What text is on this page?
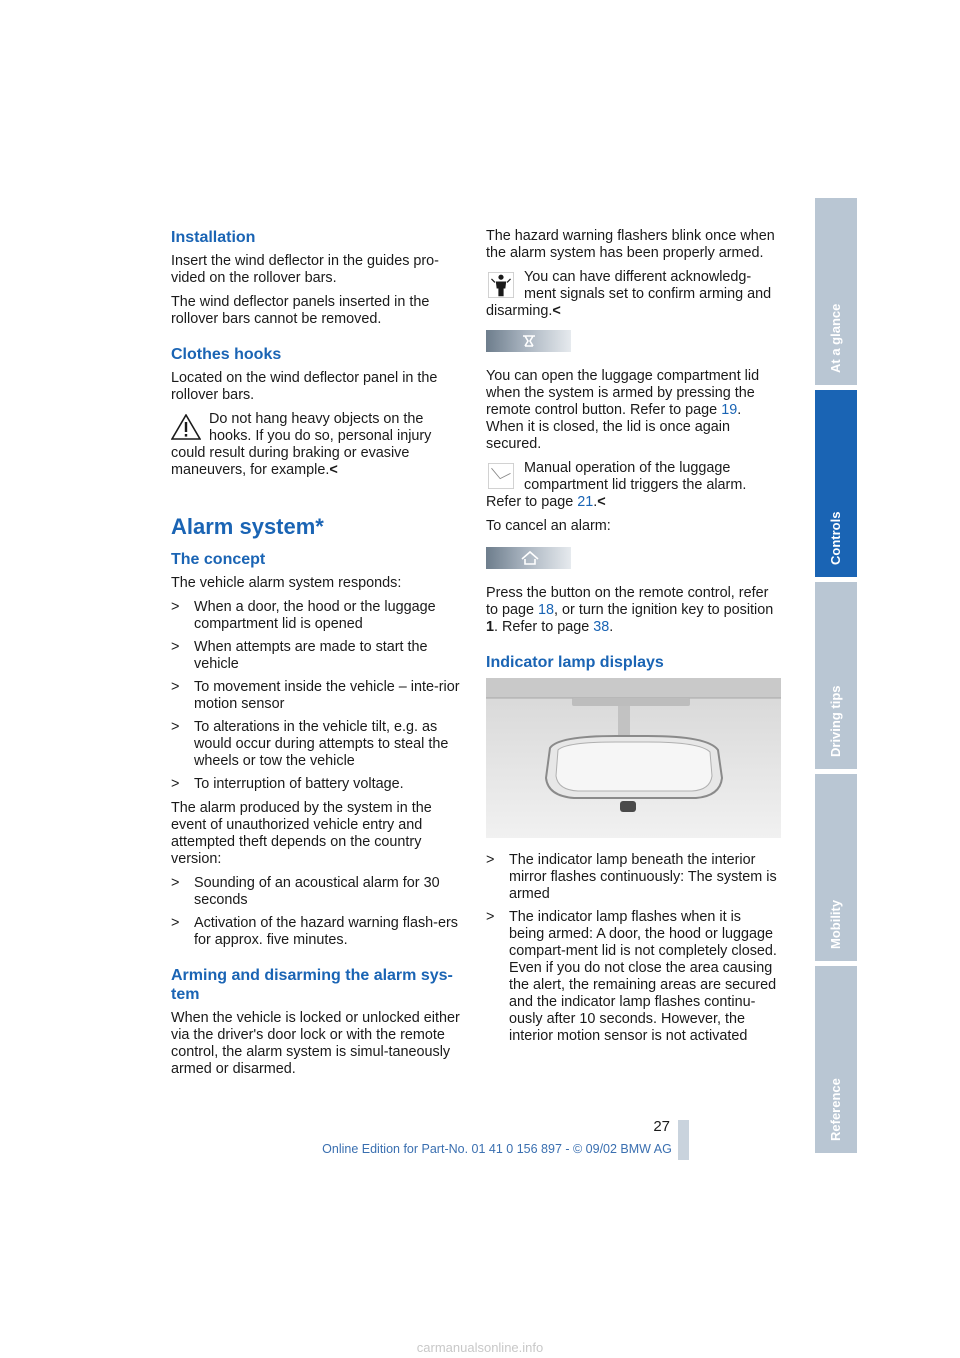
Installation

Insert the wind deflector in the guides pro-vided on the rollover bars.

The wind deflector panels inserted in the rollover bars cannot be removed.

Clothes hooks

Located on the wind deflector panel in the rollover bars.

Do not hang heavy objects on the hooks. If you do so, personal injury could result during braking or evasive maneuvers, for example.<
Alarm system*
The concept

The vehicle alarm system responds:

> When a door, the hood or the luggage compartment lid is opened
> When attempts are made to start the vehicle
> To movement inside the vehicle – inte-rior motion sensor
> To alterations in the vehicle tilt, e.g. as would occur during attempts to steal the wheels or tow the vehicle
> To interruption of battery voltage.

The alarm produced by the system in the event of unauthorized vehicle entry and attempted theft depends on the country version:

> Sounding of an acoustical alarm for 30 seconds
> Activation of the hazard warning flash-ers for approx. five minutes.
Arming and disarming the alarm sys-tem

When the vehicle is locked or unlocked either via the driver's door lock or with the remote control, the alarm system is simul-taneously armed or disarmed.

The hazard warning flashers blink once when the alarm system has been properly armed.

You can have different acknowledg-ment signals set to confirm arming and disarming.<

You can open the luggage compartment lid when the system is armed by pressing the remote control button. Refer to page 19. When it is closed, the lid is once again secured.

Manual operation of the luggage compartment lid triggers the alarm. Refer to page 21.<

To cancel an alarm:

Press the button on the remote control, refer to page 18, or turn the ignition key to position 1. Refer to page 38.

Indicator lamp displays
> The indicator lamp beneath the interior mirror flashes continuously: The system is armed
> The indicator lamp flashes when it is being armed: A door, the hood or luggage compart-ment lid is not completely closed. Even if you do not close the area causing the alert, the remaining areas are secured and the indicator lamp flashes continu-ously after 10 seconds. However, the interior motion sensor is not activated
At a glance
Controls
Driving tips
Mobility
Reference
27
Online Edition for Part-No. 01 41 0 156 897 - © 09/02 BMW AG
carmanualsonline.info
